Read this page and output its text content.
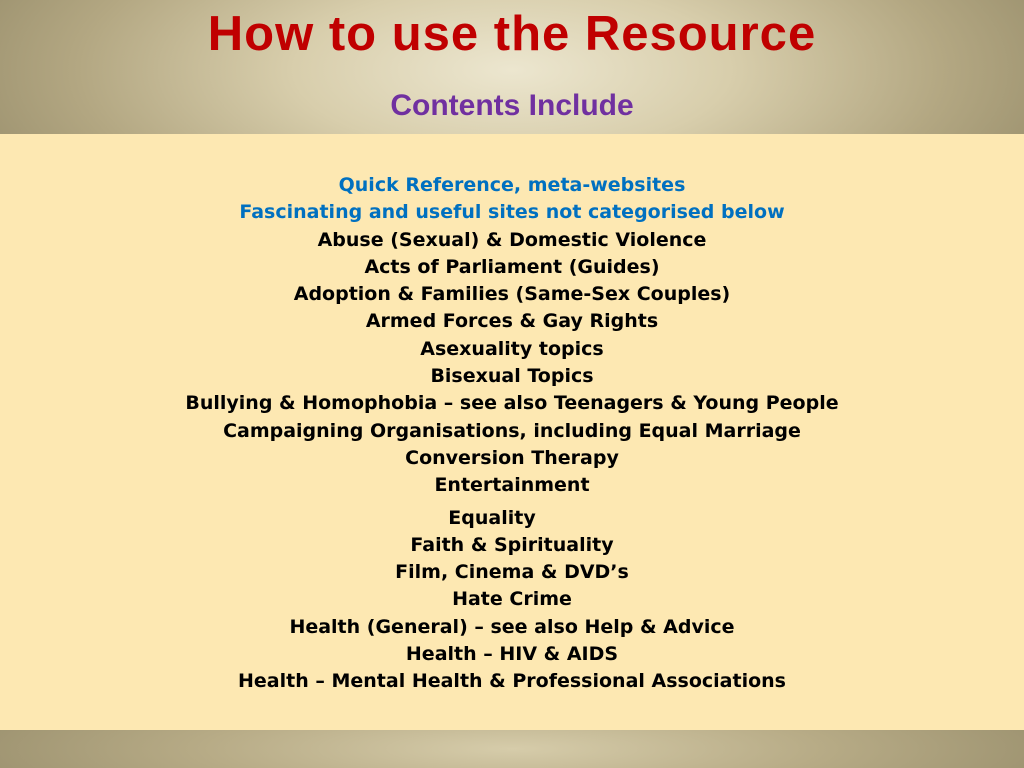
How to use the Resource
Contents Include
Quick Reference, meta-websites
Fascinating and useful sites not categorised below
Abuse (Sexual) & Domestic Violence
Acts of Parliament (Guides)
Adoption & Families (Same-Sex Couples)
Armed Forces & Gay Rights
Asexuality topics
Bisexual Topics
Bullying & Homophobia – see also Teenagers & Young People
Campaigning Organisations, including Equal Marriage
Conversion Therapy
Entertainment
Equality
Faith & Spirituality
Film, Cinema & DVD’s
Hate Crime
Health (General) – see also Help & Advice
Health – HIV & AIDS
Health – Mental Health & Professional Associations
